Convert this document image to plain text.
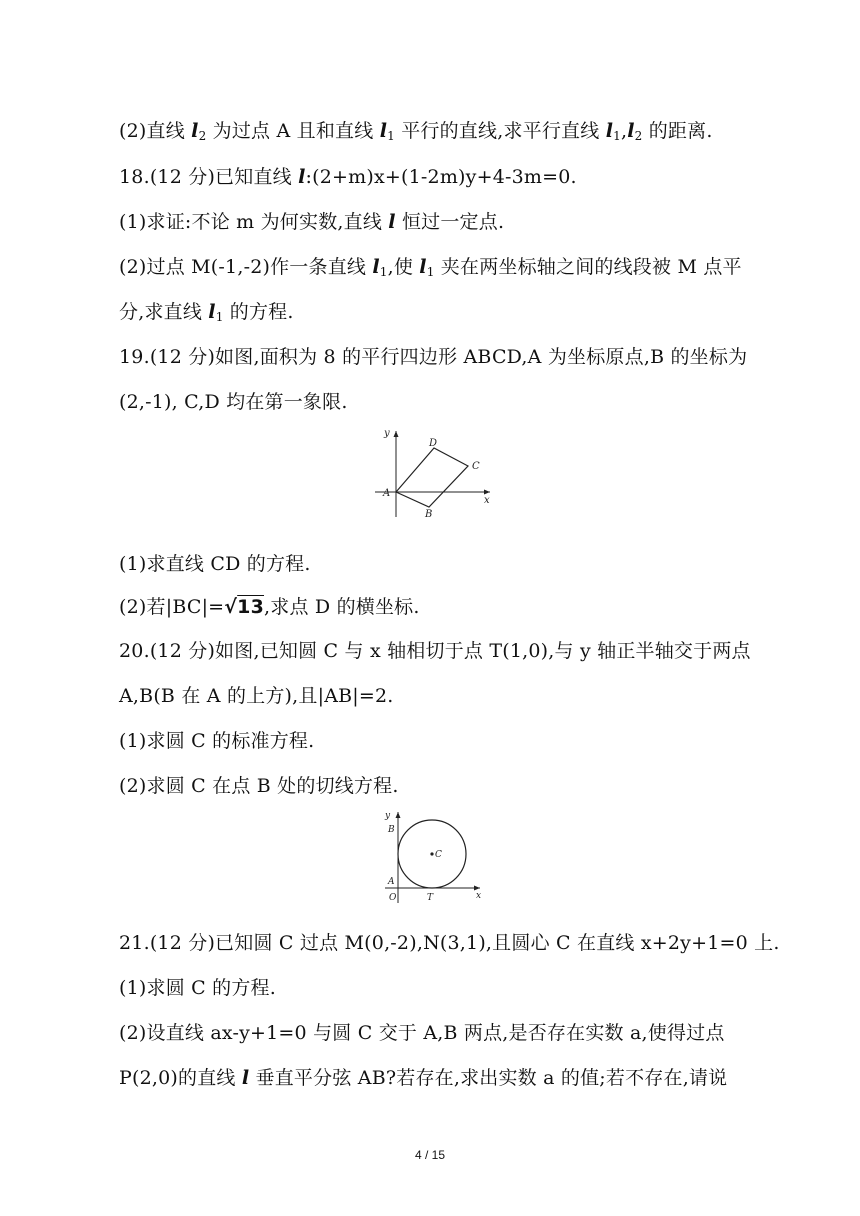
(2)直线 $l_2$ 为过点 A 且和直线 $l_1$ 平行的直线,求平行直线 $l_1,l_2$ 的距离.
18.(12 分)已知直线 l:(2+m)x+(1-2m)y+4-3m=0.
(1)求证:不论 m 为何实数,直线 l 恒过一定点.
(2)过点 M(-1,-2)作一条直线 $l_1$,使 $l_1$ 夹在两坐标轴之间的线段被 M 点平
分,求直线 $l_1$ 的方程.
19.(12 分)如图,面积为 8 的平行四边形 ABCD,A 为坐标原点,B 的坐标为
(2,-1), C,D 均在第一象限.
y
x
A
B
C
D
(1)求直线 CD 的方程.
(2)若|BC|=√13,求点 D 的横坐标.
20.(12 分)如图,已知圆 C 与 x 轴相切于点 T(1,0),与 y 轴正半轴交于两点
A,B(B 在 A 的上方),且|AB|=2.
(1)求圆 C 的标准方程.
(2)求圆 C 在点 B 处的切线方程.
y
x
B
A
O	T
C
21.(12 分)已知圆 C 过点 M(0,-2),N(3,1),且圆心 C 在直线 x+2y+1=0 上.
(1)求圆 C 的方程.
(2)设直线 ax-y+1=0 与圆 C 交于 A,B 两点,是否存在实数 a,使得过点
P(2,0)的直线 l 垂直平分弦 AB?若存在,求出实数 a 的值;若不存在,请说
4 / 15
